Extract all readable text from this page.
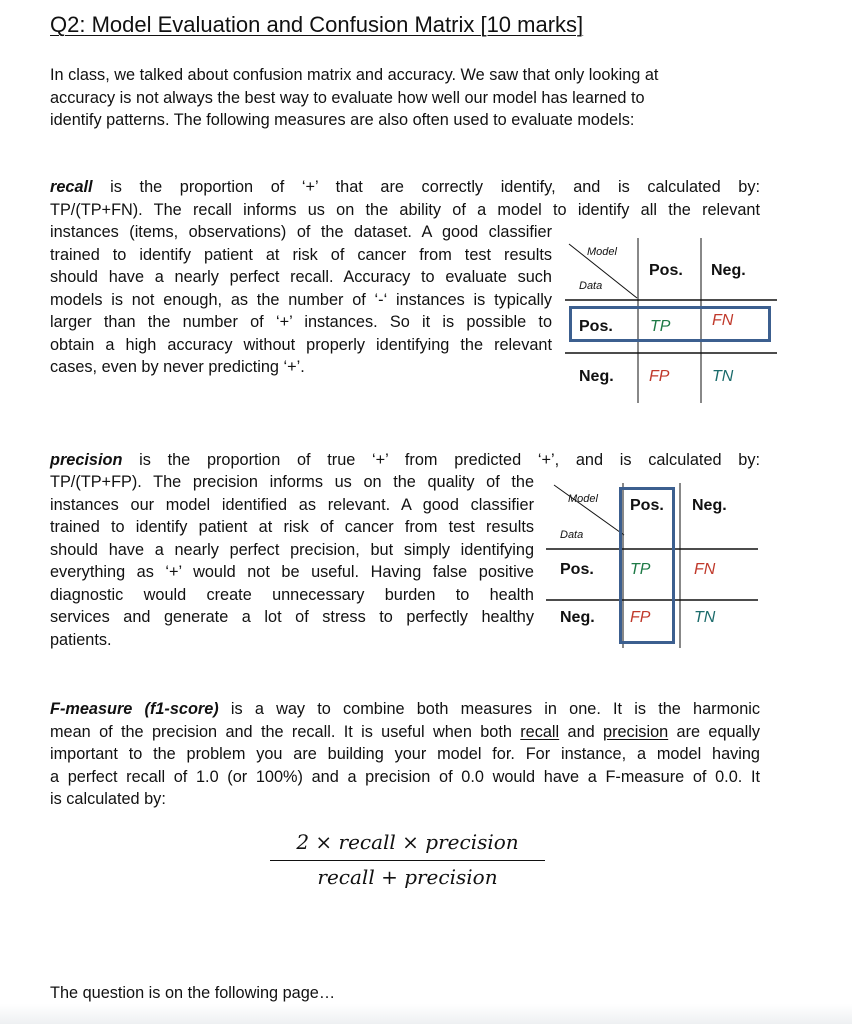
Q2: Model Evaluation and Confusion Matrix [10 marks]
In class, we talked about confusion matrix and accuracy. We saw that only looking at
accuracy is not always the best way to evaluate how well our model has learned to
identify patterns. The following measures are also often used to evaluate models:
recall is the proportion of ‘+’ that are correctly identify, and is calculated by:
TP/(TP+FN). The recall informs us on the ability of a model to identify all the relevant
instances (items, observations) of the dataset. A good classifier
trained to identify patient at risk of cancer from test results
should have a nearly perfect recall. Accuracy to evaluate such
models is not enough, as the number of ‘-‘ instances is typically
larger than the number of ‘+’ instances. So it is possible to
obtain a high accuracy without properly identifying the relevant
cases, even by never predicting ‘+’.
Model
Data
Pos. Neg.
Pos. TP	FN
Neg. FP	TN
precision is the proportion of true ‘+’ from predicted ‘+’, and is calculated by:
TP/(TP+FP). The precision informs us on the quality of the
instances our model identified as relevant. A good classifier
trained to identify patient at risk of cancer from test results
should have a nearly perfect precision, but simply identifying
everything as ‘+’ would not be useful. Having false positive
diagnostic would create unnecessary burden to health
services and generate a lot of stress to perfectly healthy
patients.
Model
Data
Pos. Neg.
Pos. TP	FN
Neg. FP	TN
F-measure (f1-score) is a way to combine both measures in one. It is the harmonic
mean of the precision and the recall. It is useful when both recall and precision are equally
important to the problem you are building your model for. For instance, a model having
a perfect recall of 1.0 (or 100%) and a precision of 0.0 would have a F-measure of 0.0. It
is calculated by:
2 × recall × precision
recall + precision
The question is on the following page…
